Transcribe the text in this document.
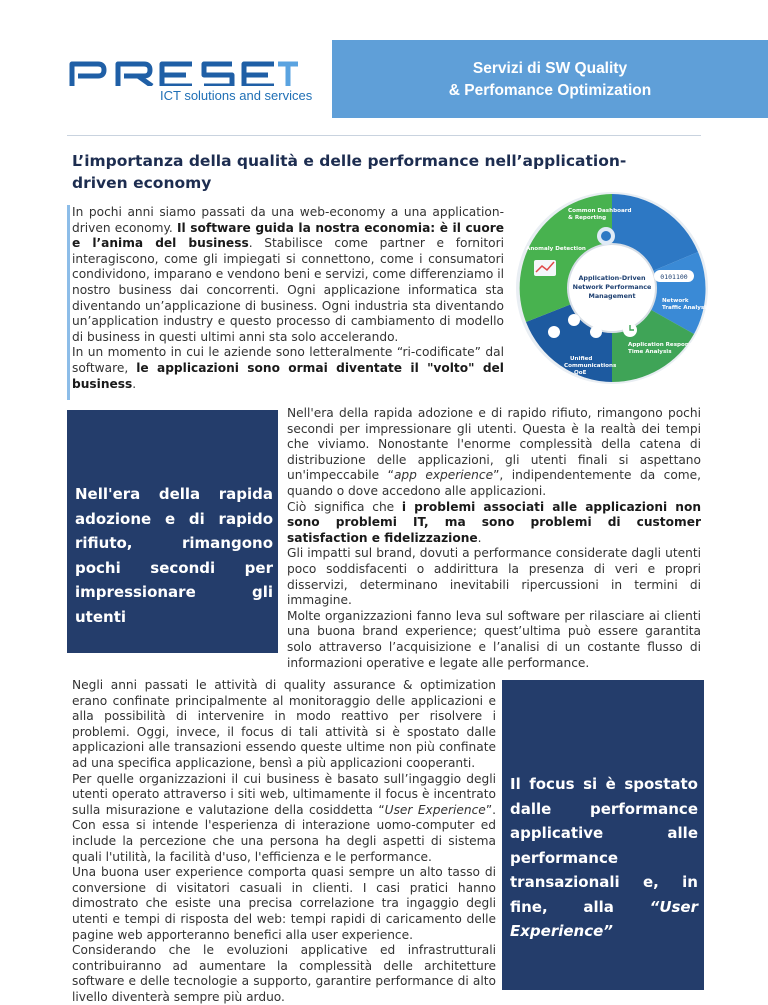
ICT solutions and services
Servizi di SW Quality
& Perfomance Optimization
L’importanza della qualità e delle performance nell’application-driven economy

In pochi anni siamo passati da una web-economy a una application-driven economy. Il software guida la nostra economia: è il cuore e l’anima del business. Stabilisce come partner e fornitori interagiscono, come gli impiegati si connettono, come i consumatori condividono, imparano e vendono beni e servizi, come differenziamo il nostro business dai concorrenti. Ogni applicazione informatica sta diventando un’applicazione di business. Ogni industria sta diventando un’application industry e questo processo di cambiamento di modello di business in questi ultimi anni sta solo accelerando.

In un momento in cui le aziende sono letteralmente “ri-codificate” dal software, le applicazioni sono ormai diventate il "volto" del business.

Common Dashboard
& Reporting
Anomaly Detection
Network
Traffic Analysis
Application Response
Time Analysis
Unified
Communications
QoE
Application-Driven
Network Performance
Management
0101100

Nell'era della rapida adozione e di rapido rifiuto, rimangono pochi secondi per impressionare gli utenti

Nell'era della rapida adozione e di rapido rifiuto, rimangono pochi secondi per impressionare gli utenti. Questa è la realtà dei tempi che viviamo. Nonostante l'enorme complessità della catena di distribuzione delle applicazioni, gli utenti finali si aspettano un'impeccabile “app experience”, indipendentemente da come, quando o dove accedono alle applicazioni.

Ciò significa che i problemi associati alle applicazioni non sono problemi IT, ma sono problemi di customer satisfaction e fidelizzazione.

Gli impatti sul brand, dovuti a performance considerate dagli utenti poco soddisfacenti o addirittura la presenza di veri e propri disservizi, determinano inevitabili ripercussioni in termini di immagine.

Molte organizzazioni fanno leva sul software per rilasciare ai clienti una buona brand experience; quest’ultima può essere garantita solo attraverso l’acquisizione e l’analisi di un costante flusso di informazioni operative e legate alle performance.

Negli anni passati le attività di quality assurance & optimization erano confinate principalmente al monitoraggio delle applicazioni e alla possibilità di intervenire in modo reattivo per risolvere i problemi. Oggi, invece, il focus di tali attività si è spostato dalle applicazioni alle transazioni essendo queste ultime non più confinate ad una specifica applicazione, bensì a più applicazioni cooperanti.

Per quelle organizzazioni il cui business è basato sull’ingaggio degli utenti operato attraverso i siti web, ultimamente il focus è incentrato sulla misurazione e valutazione della cosiddetta “User Experience”. Con essa si intende l'esperienza di interazione uomo-computer ed include la percezione che una persona ha degli aspetti di sistema quali l'utilità, la facilità d'uso, l'efficienza e le performance.

Una buona user experience comporta quasi sempre un alto tasso di conversione di visitatori casuali in clienti. I casi pratici hanno dimostrato che esiste una precisa correlazione tra ingaggio degli utenti e tempi di risposta del web: tempi rapidi di caricamento delle pagine web apporteranno benefici alla user experience.

Considerando che le evoluzioni applicative ed infrastrutturali contribuiranno ad aumentare la complessità delle architetture software e delle tecnologie a supporto, garantire performance di alto livello diventerà sempre più arduo.

Il focus si è spostato dalle performance applicative alle performance transazionali e, in fine, alla “User Experience”
